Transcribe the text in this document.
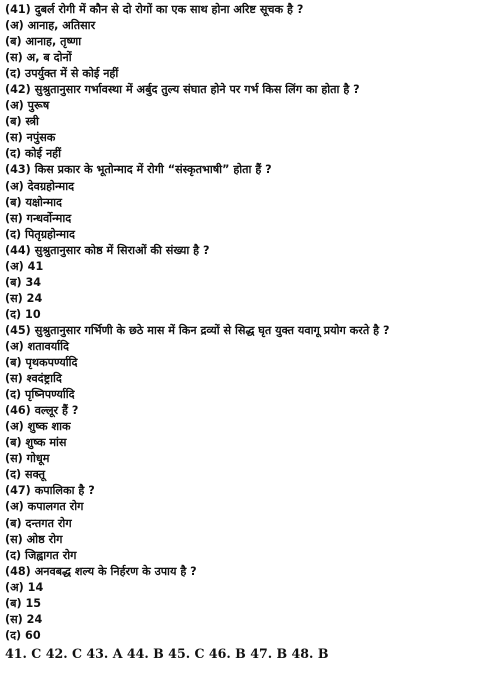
(41) दुबर्ल रोगी में कौन से दो रोगों का एक साथ होना अरिष्ट सूचक है ?
(अ) आनाह, अतिसार
(ब) आनाह, तृष्णा
(स) अ, ब दोनों
(द) उपर्युक्त में से कोई नहीं
(42) सुश्रुतानुसार गर्भावस्था में अर्बुद तुल्य संघात होने पर गर्भ किस लिंग का होता है ?
(अ) पुरूष
(ब) स्त्री
(स) नपुंसक
(द) कोई नहीं
(43) किस प्रकार के भूतोन्माद में रोगी “संस्कृतभाषी” होता हैं ?
(अ) देवग्रहोन्माद
(ब) यक्षोन्माद
(स) गन्धर्वोन्माद
(द) पितृग्रहोन्माद
(44) सुश्रुतानुसार कोष्ठ में सिराओं की संख्या है ?
(अ) 41
(ब) 34
(स) 24
(द) 10
(45) सुश्रुतानुसार गर्भिणी के छठे मास में किन द्रव्यों से सिद्ध घृत युक्त यवागू प्रयोग करते है ?
(अ) शतावर्यादि
(ब) पृथकपर्ण्यादि
(स) श्वदंष्ट्रादि
(द) पृष्निपर्ण्यादि
(46) वल्लूर हैं ?
(अ) शुष्क शाक
(ब) शुष्क मांस
(स) गोधूम
(द) सक्तू
(47) कपालिका है ?
(अ) कपालगत रोग
(ब) दन्तगत रोग
(स) ओष्ठ रोग
(द) जिह्वागत रोग
(48) अनवबद्ध शल्य के निर्हरण के उपाय है ?
(अ) 14
(ब) 15
(स) 24
(द) 60
41. C 42. C 43. A 44. B 45. C 46. B 47. B 48. B
